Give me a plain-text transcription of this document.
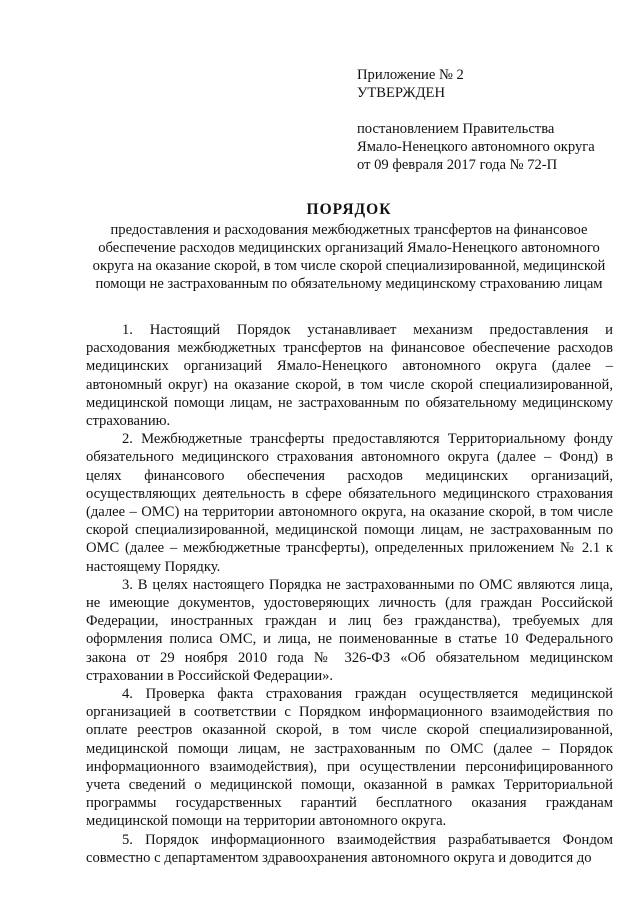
Приложение № 2
УТВЕРЖДЕН
постановлением Правительства
Ямало-Ненецкого автономного округа
от 09 февраля 2017 года № 72-П
ПОРЯДОК
предоставления и расходования межбюджетных трансфертов на финансовое обеспечение расходов медицинских организаций Ямало-Ненецкого автономного округа на оказание скорой, в том числе скорой специализированной, медицинской помощи не застрахованным по обязательному медицинскому страхованию лицам

1. Настоящий Порядок устанавливает механизм предоставления и расходования межбюджетных трансфертов на финансовое обеспечение расходов медицинских организаций Ямало-Ненецкого автономного округа (далее – автономный округ) на оказание скорой, в том числе скорой специализированной, медицинской помощи лицам, не застрахованным по обязательному медицинскому страхованию.

2. Межбюджетные трансферты предоставляются Территориальному фонду обязательного медицинского страхования автономного округа (далее – Фонд) в целях финансового обеспечения расходов медицинских организаций, осуществляющих деятельность в сфере обязательного медицинского страхования (далее – ОМС) на территории автономного округа, на оказание скорой, в том числе скорой специализированной, медицинской помощи лицам, не застрахованным по ОМС (далее – межбюджетные трансферты), определенных приложением № 2.1 к настоящему Порядку.

3. В целях настоящего Порядка не застрахованными по ОМС являются лица, не имеющие документов, удостоверяющих личность (для граждан Российской Федерации, иностранных граждан и лиц без гражданства), требуемых для оформления полиса ОМС, и лица, не поименованные в статье 10 Федерального закона от 29 ноября 2010 года № 326-ФЗ «Об обязательном медицинском страховании в Российской Федерации».

4. Проверка факта страхования граждан осуществляется медицинской организацией в соответствии с Порядком информационного взаимодействия по оплате реестров оказанной скорой, в том числе скорой специализированной, медицинской помощи лицам, не застрахованным по ОМС (далее – Порядок информационного взаимодействия), при осуществлении персонифицированного учета сведений о медицинской помощи, оказанной в рамках Территориальной программы государственных гарантий бесплатного оказания гражданам медицинской помощи на территории автономного округа.

5. Порядок информационного взаимодействия разрабатывается Фондом совместно с департаментом здравоохранения автономного округа и доводится до
